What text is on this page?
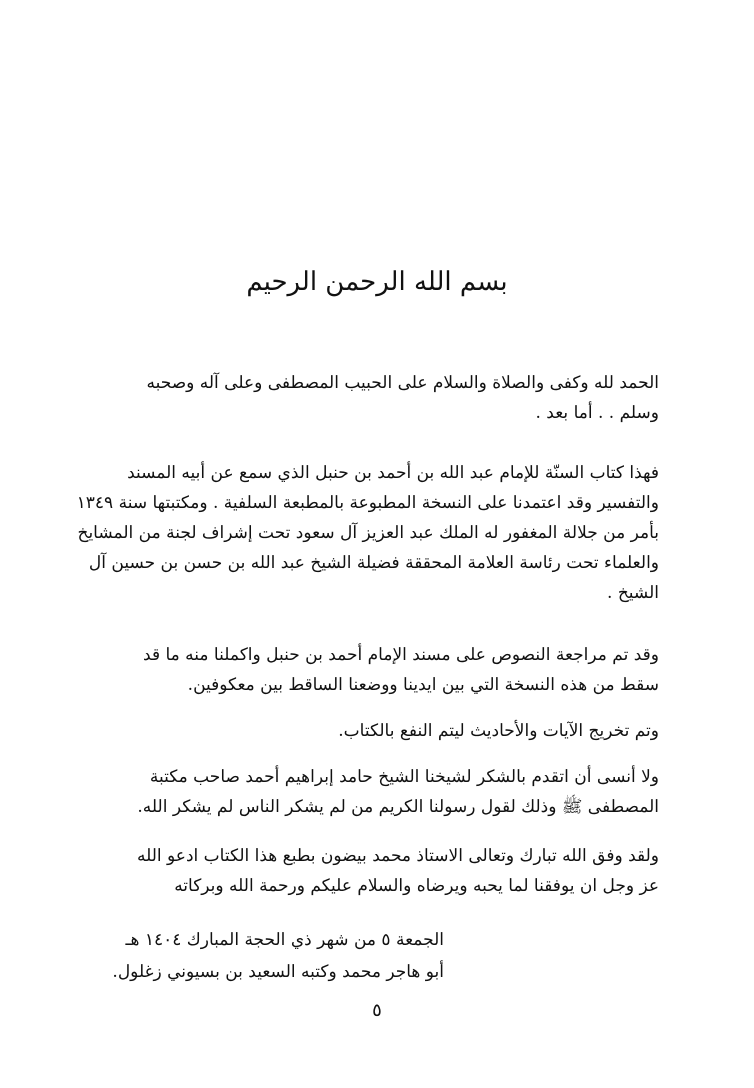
بسم الله الرحمن الرحيم
الحمد لله وكفى والصلاة والسلام على الحبيب المصطفى وعلى آله وصحبه
وسلم . . أما بعد .
فهذا كتاب السنّة للإمام عبد الله بن أحمد بن حنبل الذي سمع عن أبيه المسند
والتفسير وقد اعتمدنا على النسخة المطبوعة بالمطبعة السلفية . ومكتبتها سنة ١٣٤٩
بأمر من جلالة المغفور له الملك عبد العزيز آل سعود تحت إشراف لجنة من المشايخ
والعلماء تحت رئاسة العلامة المحققة فضيلة الشيخ عبد الله بن حسن بن حسين آل
الشيخ .
وقد تم مراجعة النصوص على مسند الإمام أحمد بن حنبل واكملنا منه ما قد
سقط من هذه النسخة التي بين ايدينا ووضعنا الساقط بين معكوفين.
وتم تخريج الآيات والأحاديث ليتم النفع بالكتاب.
ولا أنسى أن اتقدم بالشكر لشيخنا الشيخ حامد إبراهيم أحمد صاحب مكتبة
المصطفى ﷺ وذلك لقول رسولنا الكريم من لم يشكر الناس لم يشكر الله.
ولقد وفق الله تبارك وتعالى الاستاذ محمد بيضون بطبع هذا الكتاب ادعو الله
عز وجل ان يوفقنا لما يحبه ويرضاه والسلام عليكم ورحمة الله وبركاته
الجمعة ٥ من شهر ذي الحجة المبارك ١٤٠٤ هـ
أبو هاجر محمد وكتبه السعيد بن بسيوني زغلول.
٥
